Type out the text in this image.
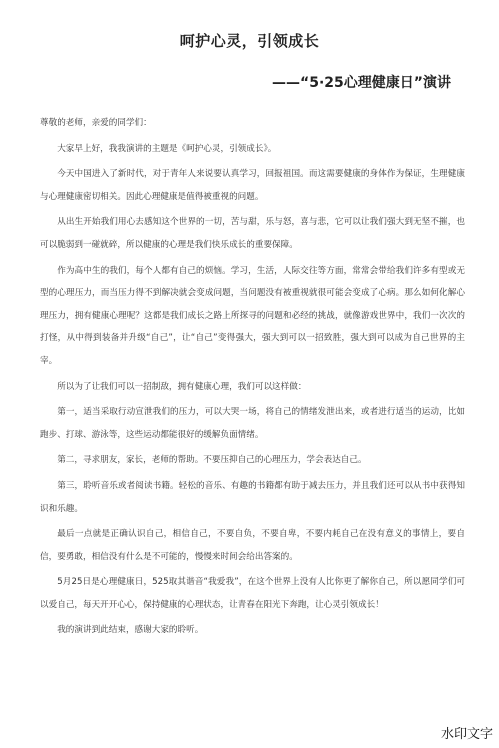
呵护心灵，引领成长
——“5·25心理健康日”演讲

尊敬的老师，亲爱的同学们：

大家早上好，我我演讲的主题是《呵护心灵，引领成长》。

今天中国进入了新时代，对于青年人来说要认真学习，回报祖国。而这需要健康的身体作为保证，生理健康与心理健康密切相关。因此心理健康是值得被重视的问题。

从出生开始我们用心去感知这个世界的一切，苦与甜，乐与怒，喜与悲，它可以让我们强大到无坚不摧，也可以脆弱到一碰就碎，所以健康的心理是我们快乐成长的重要保障。

作为高中生的我们，每个人都有自己的烦恼。学习，生活，人际交往等方面，常常会带给我们许多有型或无型的心理压力，而当压力得不到解决就会变成问题，当问题没有被重视就很可能会变成了心病。那么如何化解心理压力，拥有健康心理呢？这都是我们成长之路上所探寻的问题和必经的挑战，就像游戏世界中，我们一次次的打怪，从中得到装备并升级“自己”，让“自己”变得强大，强大到可以一招致胜，强大到可以成为自己世界的主宰。

所以为了让我们可以一招制敌，拥有健康心理，我们可以这样做：

第一，适当采取行动宣泄我们的压力，可以大哭一场，将自己的情绪发泄出来，或者进行适当的运动，比如跑步、打球、游泳等，这些运动都能很好的缓解负面情绪。

第二，寻求朋友，家长，老师的帮助。不要压抑自己的心理压力，学会表达自己。

第三，聆听音乐或者阅读书籍。轻松的音乐、有趣的书籍都有助于减去压力，并且我们还可以从书中获得知识和乐趣。

最后一点就是正确认识自己，相信自己，不要自负，不要自卑，不要内耗自己在没有意义的事情上，要自信，要勇敢，相信没有什么是不可能的，慢慢来时间会给出答案的。

5月25日是心理健康日，525取其谐音“我爱我”，在这个世界上没有人比你更了解你自己，所以愿同学们可以爱自己，每天开开心心，保持健康的心理状态，让青春在阳光下奔跑，让心灵引领成长！

我的演讲到此结束，感谢大家的聆听。

水印文字
